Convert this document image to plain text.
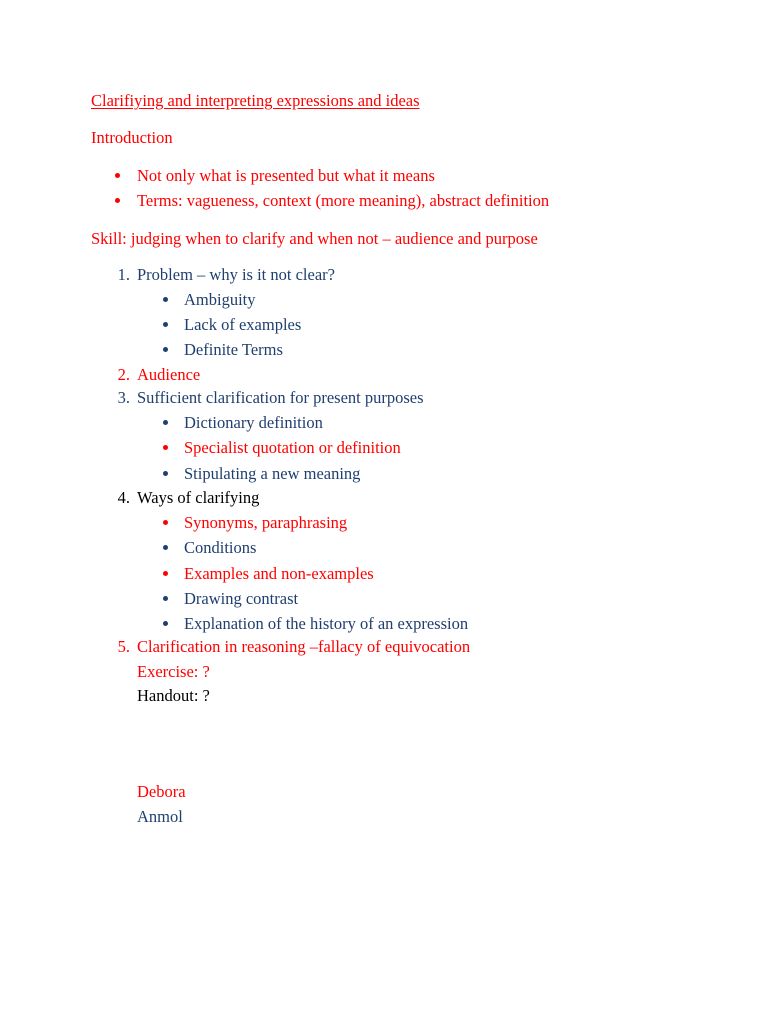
Clarifiying and interpreting expressions and ideas
Introduction
Not only what is presented but what it means
Terms: vagueness, context (more meaning), abstract definition
Skill: judging when to clarify and when not – audience and purpose
1. Problem – why is it not clear?
Ambiguity
Lack of examples
Definite Terms
2. Audience
3. Sufficient clarification for present purposes
Dictionary definition
Specialist quotation or definition
Stipulating a new meaning
4. Ways of clarifying
Synonyms, paraphrasing
Conditions
Examples and non-examples
Drawing contrast
Explanation of the history of an expression
5. Clarification in reasoning –fallacy of equivocation
Exercise: ?
Handout: ?
Debora
Anmol
